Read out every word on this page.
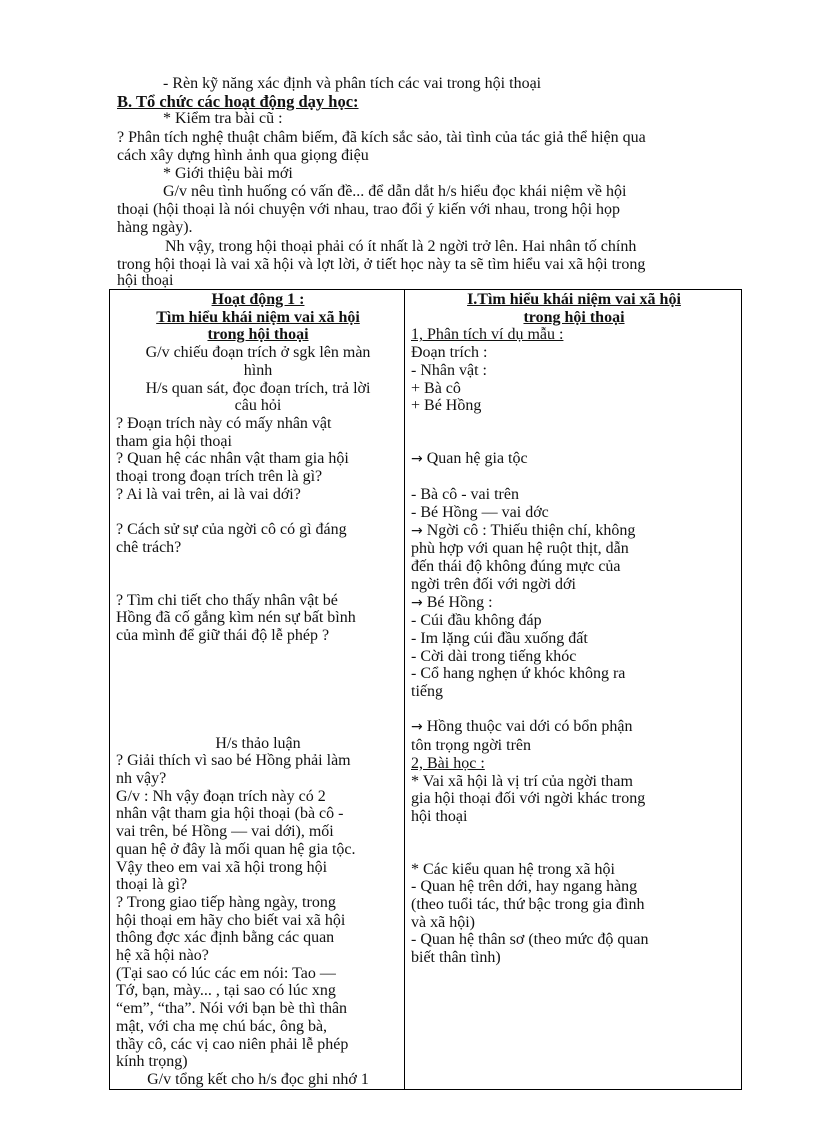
- Rèn kỹ năng xác định và phân tích các vai trong hội thoại
B. Tổ chức các hoạt động dạy học:
* Kiểm tra bài cũ :
? Phân tích nghệ thuật châm biếm, đã kích sắc sảo, tài tình của tác giả thể hiện qua
cách xây dựng hình ảnh qua giọng điệu
* Giới thiệu bài mới
G/v nêu tình huống có vấn đề... để dẫn dắt h/s hiểu đọc khái niệm về hội
thoại (hội thoại là nói chuyện với nhau, trao đổi ý kiến với nhau, trong hội họp
hàng ngày).
Nh vậy, trong hội thoại phải có ít nhất là 2 ngời trở lên. Hai nhân tố chính
trong hội thoại là vai xã hội và lợt lời, ở tiết học này ta sẽ tìm hiểu vai xã hội trong
hội thoại
Hoạt động 1 :
Tìm hiểu khái niệm vai xã hội
trong hội thoại
G/v chiếu đoạn trích ở sgk lên màn
hình
H/s quan sát, đọc đoạn trích, trả lời
câu hỏi
? Đoạn trích này có mấy nhân vật
tham gia hội thoại
? Quan hệ các nhân vật tham gia hội
thoại trong đoạn trích trên là gì?
? Ai là vai trên, ai là vai dới?
? Cách sử sự của ngời cô có gì đáng
chê trách?
? Tìm chi tiết cho thấy nhân vật bé
Hồng đã cố gắng kìm nén sự bất bình
của mình để giữ thái độ lễ phép ?
H/s thảo luận
? Giải thích vì sao bé Hồng phải làm
nh vậy?
G/v : Nh vậy đoạn trích này có 2
nhân vật tham gia hội thoại (bà cô -
vai trên, bé Hồng — vai dới), mối
quan hệ ở đây là mối quan hệ gia tộc.
Vậy theo em vai xã hội trong hội
thoại là gì?
? Trong giao tiếp hàng ngày, trong
hội thoại em hãy cho biết vai xã hội
thông đợc xác định bằng các quan
hệ xã hội nào?
(Tại sao có lúc các em nói: Tao —
Tớ, bạn, mày... , tại sao có lúc xng
“em”, “tha”. Nói với bạn bè thì thân
mật, với cha mẹ chú bác, ông bà,
thầy cô, các vị cao niên phải lễ phép
kính trọng)
G/v tổng kết cho h/s đọc ghi nhớ 1

I.Tìm hiểu khái niệm vai xã hội
trong hội thoại
1, Phân tích ví dụ mẫu :
Đoạn trích :
- Nhân vật :
+ Bà cô
+ Bé Hồng
→ Quan hệ gia tộc
- Bà cô - vai trên
- Bé Hồng — vai dớc
→ Ngời cô : Thiếu thiện chí, không
phù hợp với quan hệ ruột thịt, dẫn
đến thái độ không đúng mực của
ngời trên đối với ngời dới
→ Bé Hồng :
- Cúi đầu không đáp
- Im lặng cúi đầu xuống đất
- Cời dài trong tiếng khóc
- Cổ hang nghẹn ứ khóc không ra
tiếng
→ Hồng thuộc vai dới có bổn phận
tôn trọng ngời trên
2, Bài học :
* Vai xã hội là vị trí của ngời tham
gia hội thoại đối với ngời khác trong
hội thoại
* Các kiểu quan hệ trong xã hội
- Quan hệ trên dới, hay ngang hàng
(theo tuổi tác, thứ bậc trong gia đình
và xã hội)
- Quan hệ thân sơ (theo mức độ quan
biết thân tình)
